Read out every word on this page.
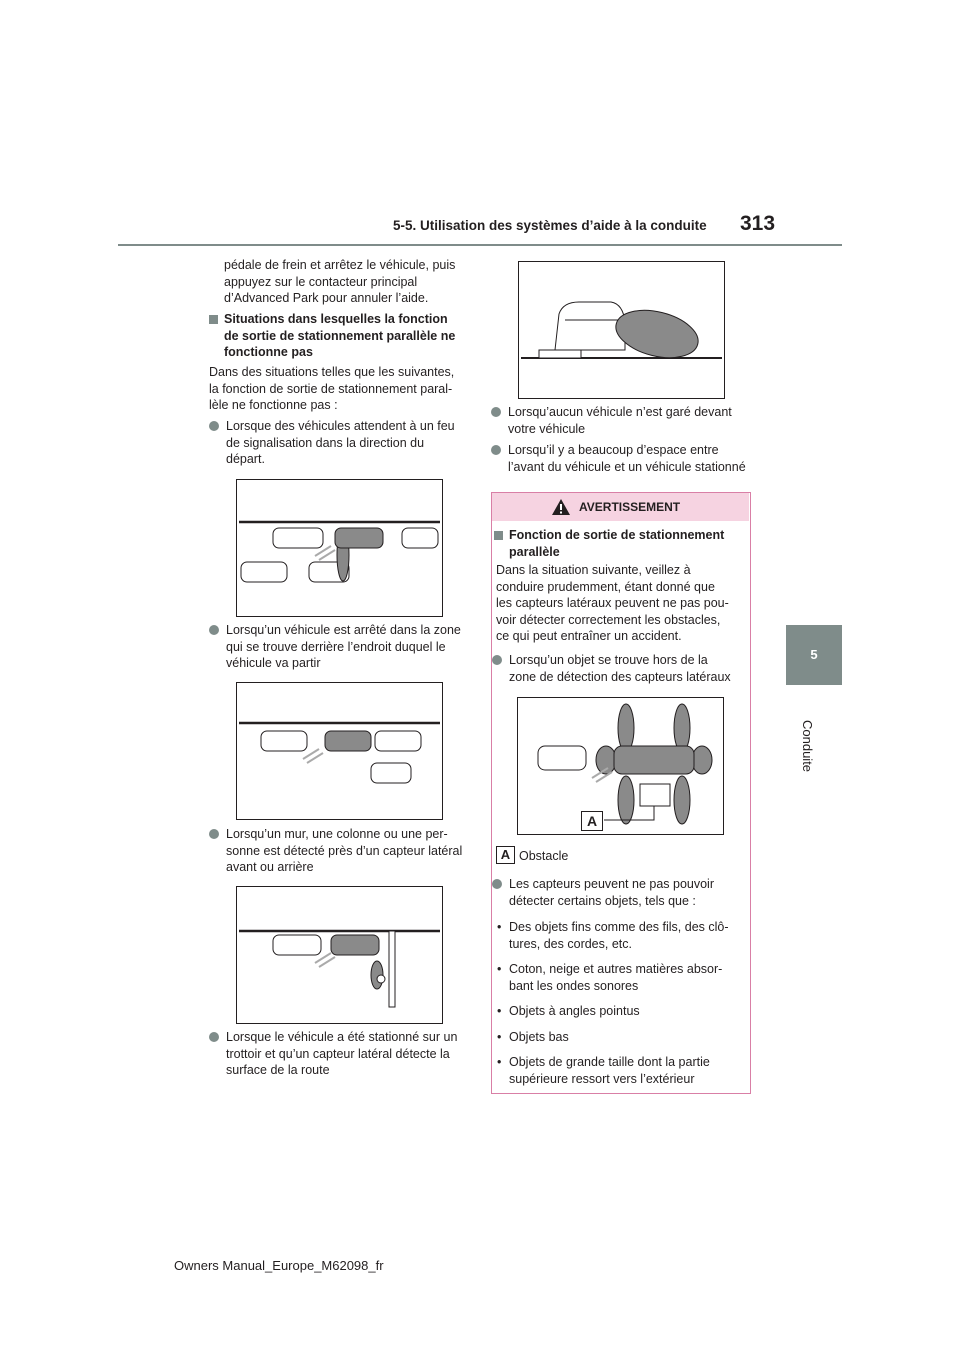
5-5. Utilisation des systèmes d’aide à la conduite 313
5
Conduite
pédale de frein et arrêtez le véhicule, puis
appuyez sur le contacteur principal
d’Advanced Park pour annuler l’aide.
Situations dans lesquelles la fonction
de sortie de stationnement parallèle ne
fonctionne pas
Dans des situations telles que les suivantes,
la fonction de sortie de stationnement paral-
lèle ne fonctionne pas :
Lorsque des véhicules attendent à un feu
de signalisation dans la direction du
départ.
Lorsqu’un véhicule est arrêté dans la zone
qui se trouve derrière l’endroit duquel le
véhicule va partir
Lorsqu’un mur, une colonne ou une per-
sonne est détecté près d’un capteur latéral
avant ou arrière
Lorsque le véhicule a été stationné sur un
trottoir et qu’un capteur latéral détecte la
surface de la route
Lorsqu’aucun véhicule n’est garé devant
votre véhicule
Lorsqu’il y a beaucoup d’espace entre
l’avant du véhicule et un véhicule stationné
AVERTISSEMENT
Fonction de sortie de stationnement
parallèle
Dans la situation suivante, veillez à
conduire prudemment, étant donné que
les capteurs latéraux peuvent ne pas pou-
voir détecter correctement les obstacles,
ce qui peut entraîner un accident.
Lorsqu’un objet se trouve hors de la
zone de détection des capteurs latéraux
A
A Obstacle
Les capteurs peuvent ne pas pouvoir
détecter certains objets, tels que :
• Des objets fins comme des fils, des clô-
tures, des cordes, etc.
• Coton, neige et autres matières absor-
bant les ondes sonores
• Objets à angles pointus
• Objets bas
• Objets de grande taille dont la partie
supérieure ressort vers l’extérieur
Owners Manual_Europe_M62098_fr
